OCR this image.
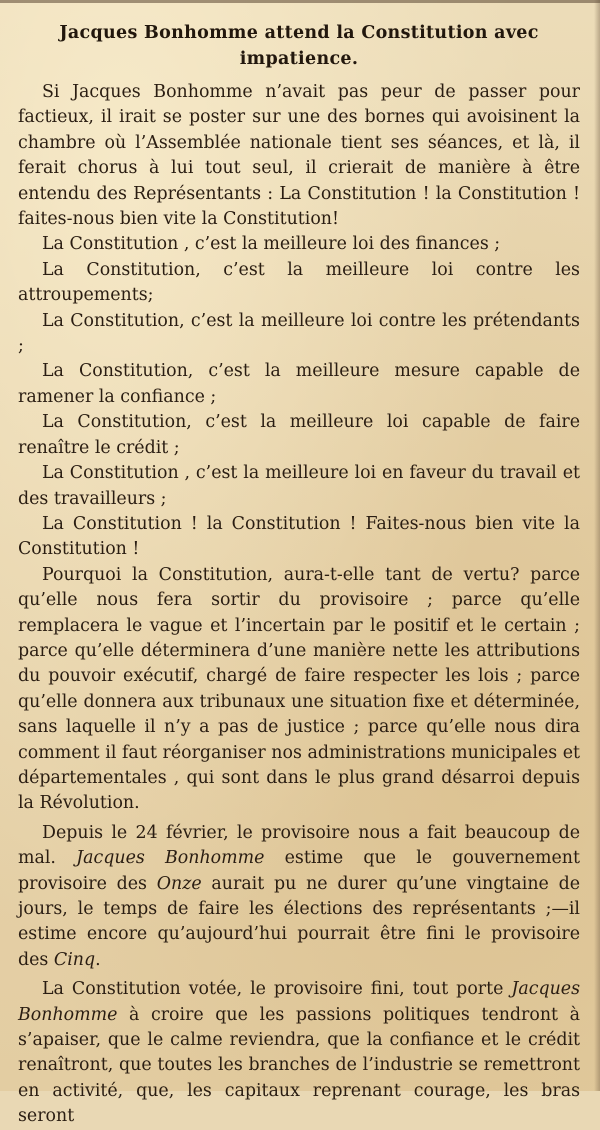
Jacques Bonhomme attend la Constitution avec impatience.

Si Jacques Bonhomme n’avait pas peur de passer pour factieux, il irait se poster sur une des bornes qui avoisinent la chambre où l’Assemblée nationale tient ses séances, et là, il ferait chorus à lui tout seul, il crierait de manière à être entendu des Représentants : La Constitution ! la Constitution ! faites-nous bien vite la Constitution!

La Constitution , c’est la meilleure loi des finances ;

La Constitution, c’est la meilleure loi contre les attroupements;

La Constitution, c’est la meilleure loi contre les prétendants ;

La Constitution, c’est la meilleure mesure capable de ramener la confiance ;

La Constitution, c’est la meilleure loi capable de faire renaître le crédit ;

La Constitution , c’est la meilleure loi en faveur du travail et des travailleurs ;

La Constitution ! la Constitution ! Faites-nous bien vite la Constitution !

Pourquoi la Constitution, aura-t-elle tant de vertu? parce qu’elle nous fera sortir du provisoire ; parce qu’elle remplacera le vague et l’incertain par le positif et le certain ; parce qu’elle déterminera d’une manière nette les attributions du pouvoir exécutif, chargé de faire respecter les lois ; parce qu’elle donnera aux tribunaux une situation fixe et déterminée, sans laquelle il n’y a pas de justice ; parce qu’elle nous dira comment il faut réorganiser nos administrations municipales et départementales , qui sont dans le plus grand désarroi depuis la Révolution.

Depuis le 24 février, le provisoire nous a fait beaucoup de mal. Jacques Bonhomme estime que le gouvernement provisoire des Onze aurait pu ne durer qu’une vingtaine de jours, le temps de faire les élections des représentants ;—il estime encore qu’aujourd’hui pourrait être fini le provisoire des Cinq.

La Constitution votée, le provisoire fini, tout porte Jacques Bonhomme à croire que les passions politiques tendront à s’apaiser, que le calme reviendra, que la confiance et le crédit renaîtront, que toutes les branches de l’industrie se remettront en activité, que, les capitaux reprenant courage, les bras seront
